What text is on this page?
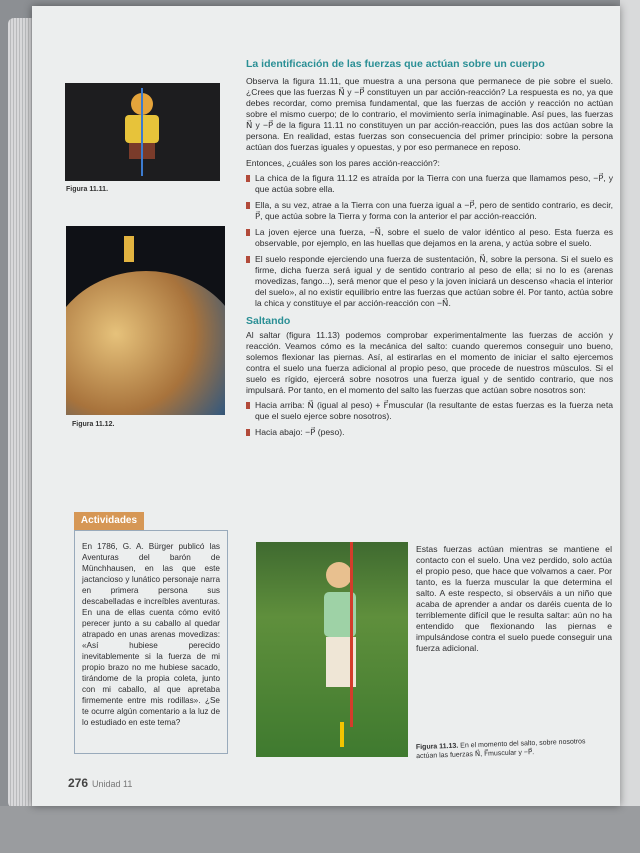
Figura 11.11.
Figura 11.12.
Actividades
En 1786, G. A. Bürger publicó las Aventuras del barón de Münchhausen, en las que este jactancioso y lunático personaje narra en primera persona sus descabelladas e increíbles aventuras. En una de ellas cuenta cómo evitó perecer junto a su caballo al quedar atrapado en unas arenas movedizas: «Así hubiese perecido inevitablemente si la fuerza de mi propio brazo no me hubiese sacado, tirándome de la propia coleta, junto con mi caballo, al que apretaba firmemente entre mis rodillas». ¿Se te ocurre algún comentario a la luz de lo estudiado en este tema?
La identificación de las fuerzas que actúan sobre un cuerpo
Observa la figura 11.11, que muestra a una persona que permanece de pie sobre el suelo. ¿Crees que las fuerzas N⃗ y −P⃗ constituyen un par acción-reacción? La respuesta es no, ya que debes recordar, como premisa fundamental, que las fuerzas de acción y reacción no actúan sobre el mismo cuerpo; de lo contrario, el movimiento sería inimaginable. Así pues, las fuerzas N⃗ y −P⃗ de la figura 11.11 no constituyen un par acción-reacción, pues las dos actúan sobre la persona. En realidad, estas fuerzas son consecuencia del primer principio: sobre la persona actúan dos fuerzas iguales y opuestas, y por eso permanece en reposo.
Entonces, ¿cuáles son los pares acción-reacción?:
La chica de la figura 11.12 es atraída por la Tierra con una fuerza que llamamos peso, −P⃗, y que actúa sobre ella.
Ella, a su vez, atrae a la Tierra con una fuerza igual a −P⃗, pero de sentido contrario, es decir, P⃗, que actúa sobre la Tierra y forma con la anterior el par acción-reacción.
La joven ejerce una fuerza, −N⃗, sobre el suelo de valor idéntico al peso. Esta fuerza es observable, por ejemplo, en las huellas que dejamos en la arena, y actúa sobre el suelo.
El suelo responde ejerciendo una fuerza de sustentación, N⃗, sobre la persona. Si el suelo es firme, dicha fuerza será igual y de sentido contrario al peso de ella; si no lo es (arenas movedizas, fango...), será menor que el peso y la joven iniciará un descenso «hacia el interior del suelo», al no existir equilibrio entre las fuerzas que actúan sobre él. Por tanto, actúa sobre la chica y constituye el par acción-reacción con −N⃗.
Saltando
Al saltar (figura 11.13) podemos comprobar experimentalmente las fuerzas de acción y reacción. Veamos cómo es la mecánica del salto: cuando queremos conseguir uno bueno, solemos flexionar las piernas. Así, al estirarlas en el momento de iniciar el salto ejercemos contra el suelo una fuerza adicional al propio peso, que procede de nuestros músculos. Si el suelo es rígido, ejercerá sobre nosotros una fuerza igual y de sentido contrario, que nos impulsará. Por tanto, en el momento del salto las fuerzas que actúan sobre nosotros son:
Hacia arriba: N⃗ (igual al peso) + F⃗muscular (la resultante de estas fuerzas es la fuerza neta que el suelo ejerce sobre nosotros).
Hacia abajo: −P⃗ (peso).
Estas fuerzas actúan mientras se mantiene el contacto con el suelo. Una vez perdido, solo actúa el propio peso, que hace que volvamos a caer. Por tanto, es la fuerza muscular la que determina el salto. A este respecto, si observáis a un niño que acaba de aprender a andar os daréis cuenta de lo terriblemente difícil que le resulta saltar: aún no ha entendido que flexionando las piernas e impulsándose contra el suelo puede conseguir una fuerza adicional.
Figura 11.13. En el momento del salto, sobre nosotros actúan las fuerzas N⃗, F⃗muscular y −P⃗.
276 Unidad 11
